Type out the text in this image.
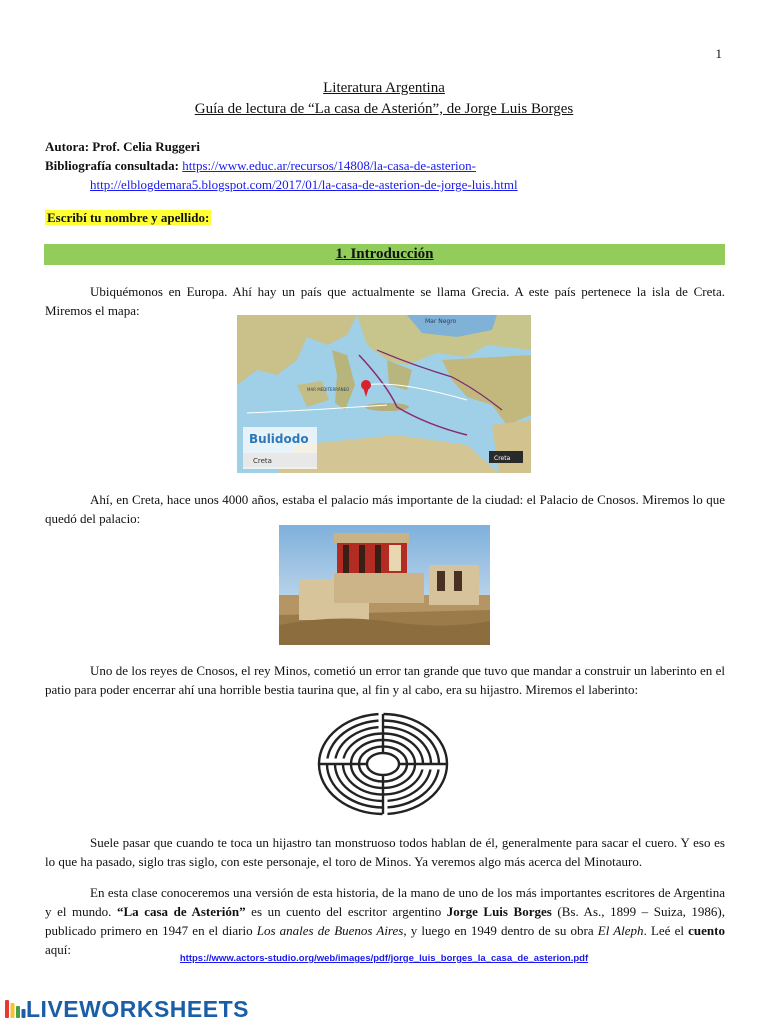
1
Literatura Argentina
Guía de lectura de “La casa de Asterión”, de Jorge Luis Borges
Autora: Prof. Celia Ruggeri
Bibliografía consultada: https://www.educ.ar/recursos/14808/la-casa-de-asterion-
http://elblogdemara5.blogspot.com/2017/01/la-casa-de-asterion-de-jorge-luis.html
Escribí tu nombre y apellido:
1. Introducción
Ubiquémonos en Europa. Ahí hay un país que actualmente se llama Grecia. A este país pertenece la isla de Creta. Miremos el mapa:
Mar Negro
MAR MEDITERRÁNEO
Bulidodo
Creta	Creta
Ahí, en Creta, hace unos 4000 años, estaba el palacio más importante de la ciudad: el Palacio de Cnosos. Miremos lo que quedó del palacio:
Uno de los reyes de Cnosos, el rey Minos, cometió un error tan grande que tuvo que mandar a construir un laberinto en el patio para poder encerrar ahí una horrible bestia taurina que, al fin y al cabo, era su hijastro. Miremos el laberinto:
Suele pasar que cuando te toca un hijastro tan monstruoso todos hablan de él, generalmente para sacar el cuero. Y eso es lo que ha pasado, siglo tras siglo, con este personaje, el toro de Minos. Ya veremos algo más acerca del Minotauro.
En esta clase conoceremos una versión de esta historia, de la mano de uno de los más importantes escritores de Argentina y el mundo. “La casa de Asterión” es un cuento del escritor argentino Jorge Luis Borges (Bs. As., 1899 – Suiza, 1986), publicado primero en 1947 en el diario Los anales de Buenos Aires, y luego en 1949 dentro de su obra El Aleph. Leé el cuento aquí:
https://www.actors-studio.org/web/images/pdf/jorge_luis_borges_la_casa_de_asterion.pdf
LIVEWORKSHEETS
